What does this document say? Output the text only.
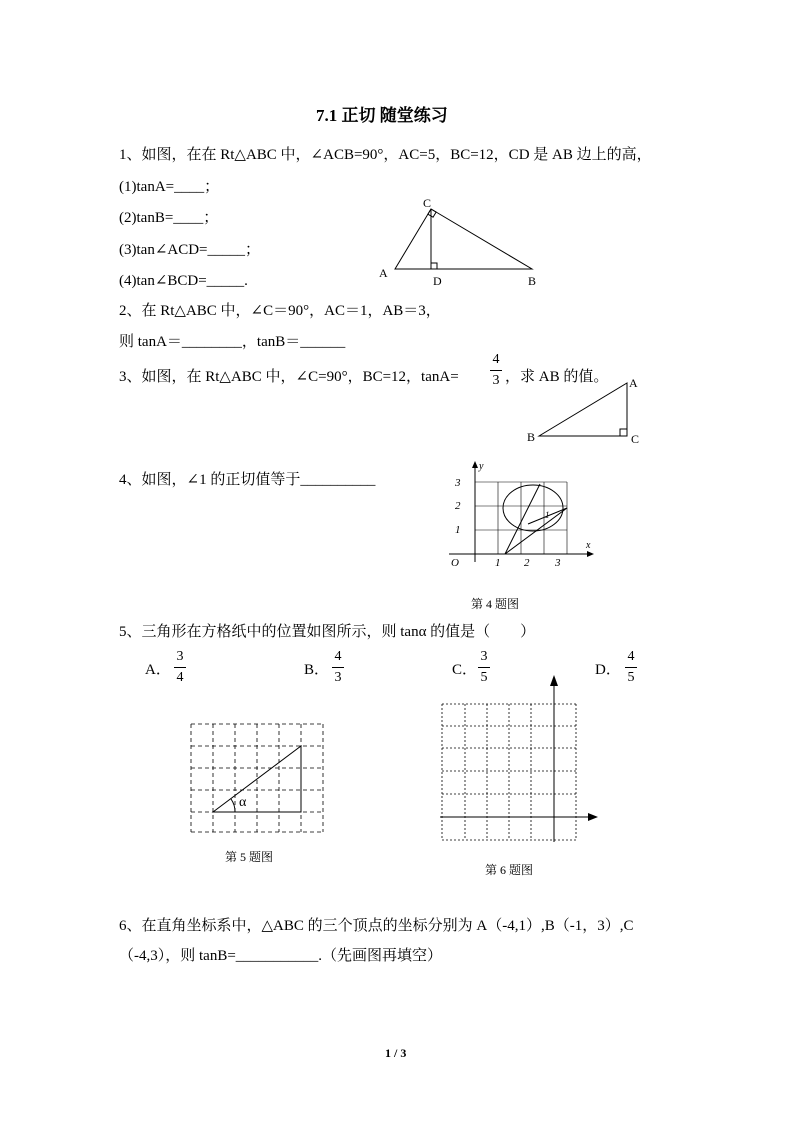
7.1 正切 随堂练习
1、如图，在在 Rt△ABC 中，∠ACB=90°，AC=5，BC=12，CD 是 AB 边上的高，
(1)tanA=____；
(2)tanB=____；
(3)tan∠ACD=_____；
(4)tan∠BCD=_____.	A
C
D	B
2、在 Rt△ABC 中，∠C＝90°，AC＝1，AB＝3，
则 tanA＝________，tanB＝______
3、如图，在 Rt△ABC 中，∠C=90°，BC=12，tanA=
4
3 ，求 AB 的值。 A
B	C
4、如图，∠1 的正切值等于__________
y
x
O	1 2 3
3
2
1
1
第 4 题图
5、三角形在方格纸中的位置如图所示，则 tanα 的值是（　　）
A．
3
4	B．
4
3	C．
3
5	D．
4
5
α
第 5 题图
第 6 题图
6、在直角坐标系中，△ABC 的三个顶点的坐标分别为 A（-4,1）,B（-1，3）,C
（-4,3），则 tanB=___________.（先画图再填空）
1 / 3
